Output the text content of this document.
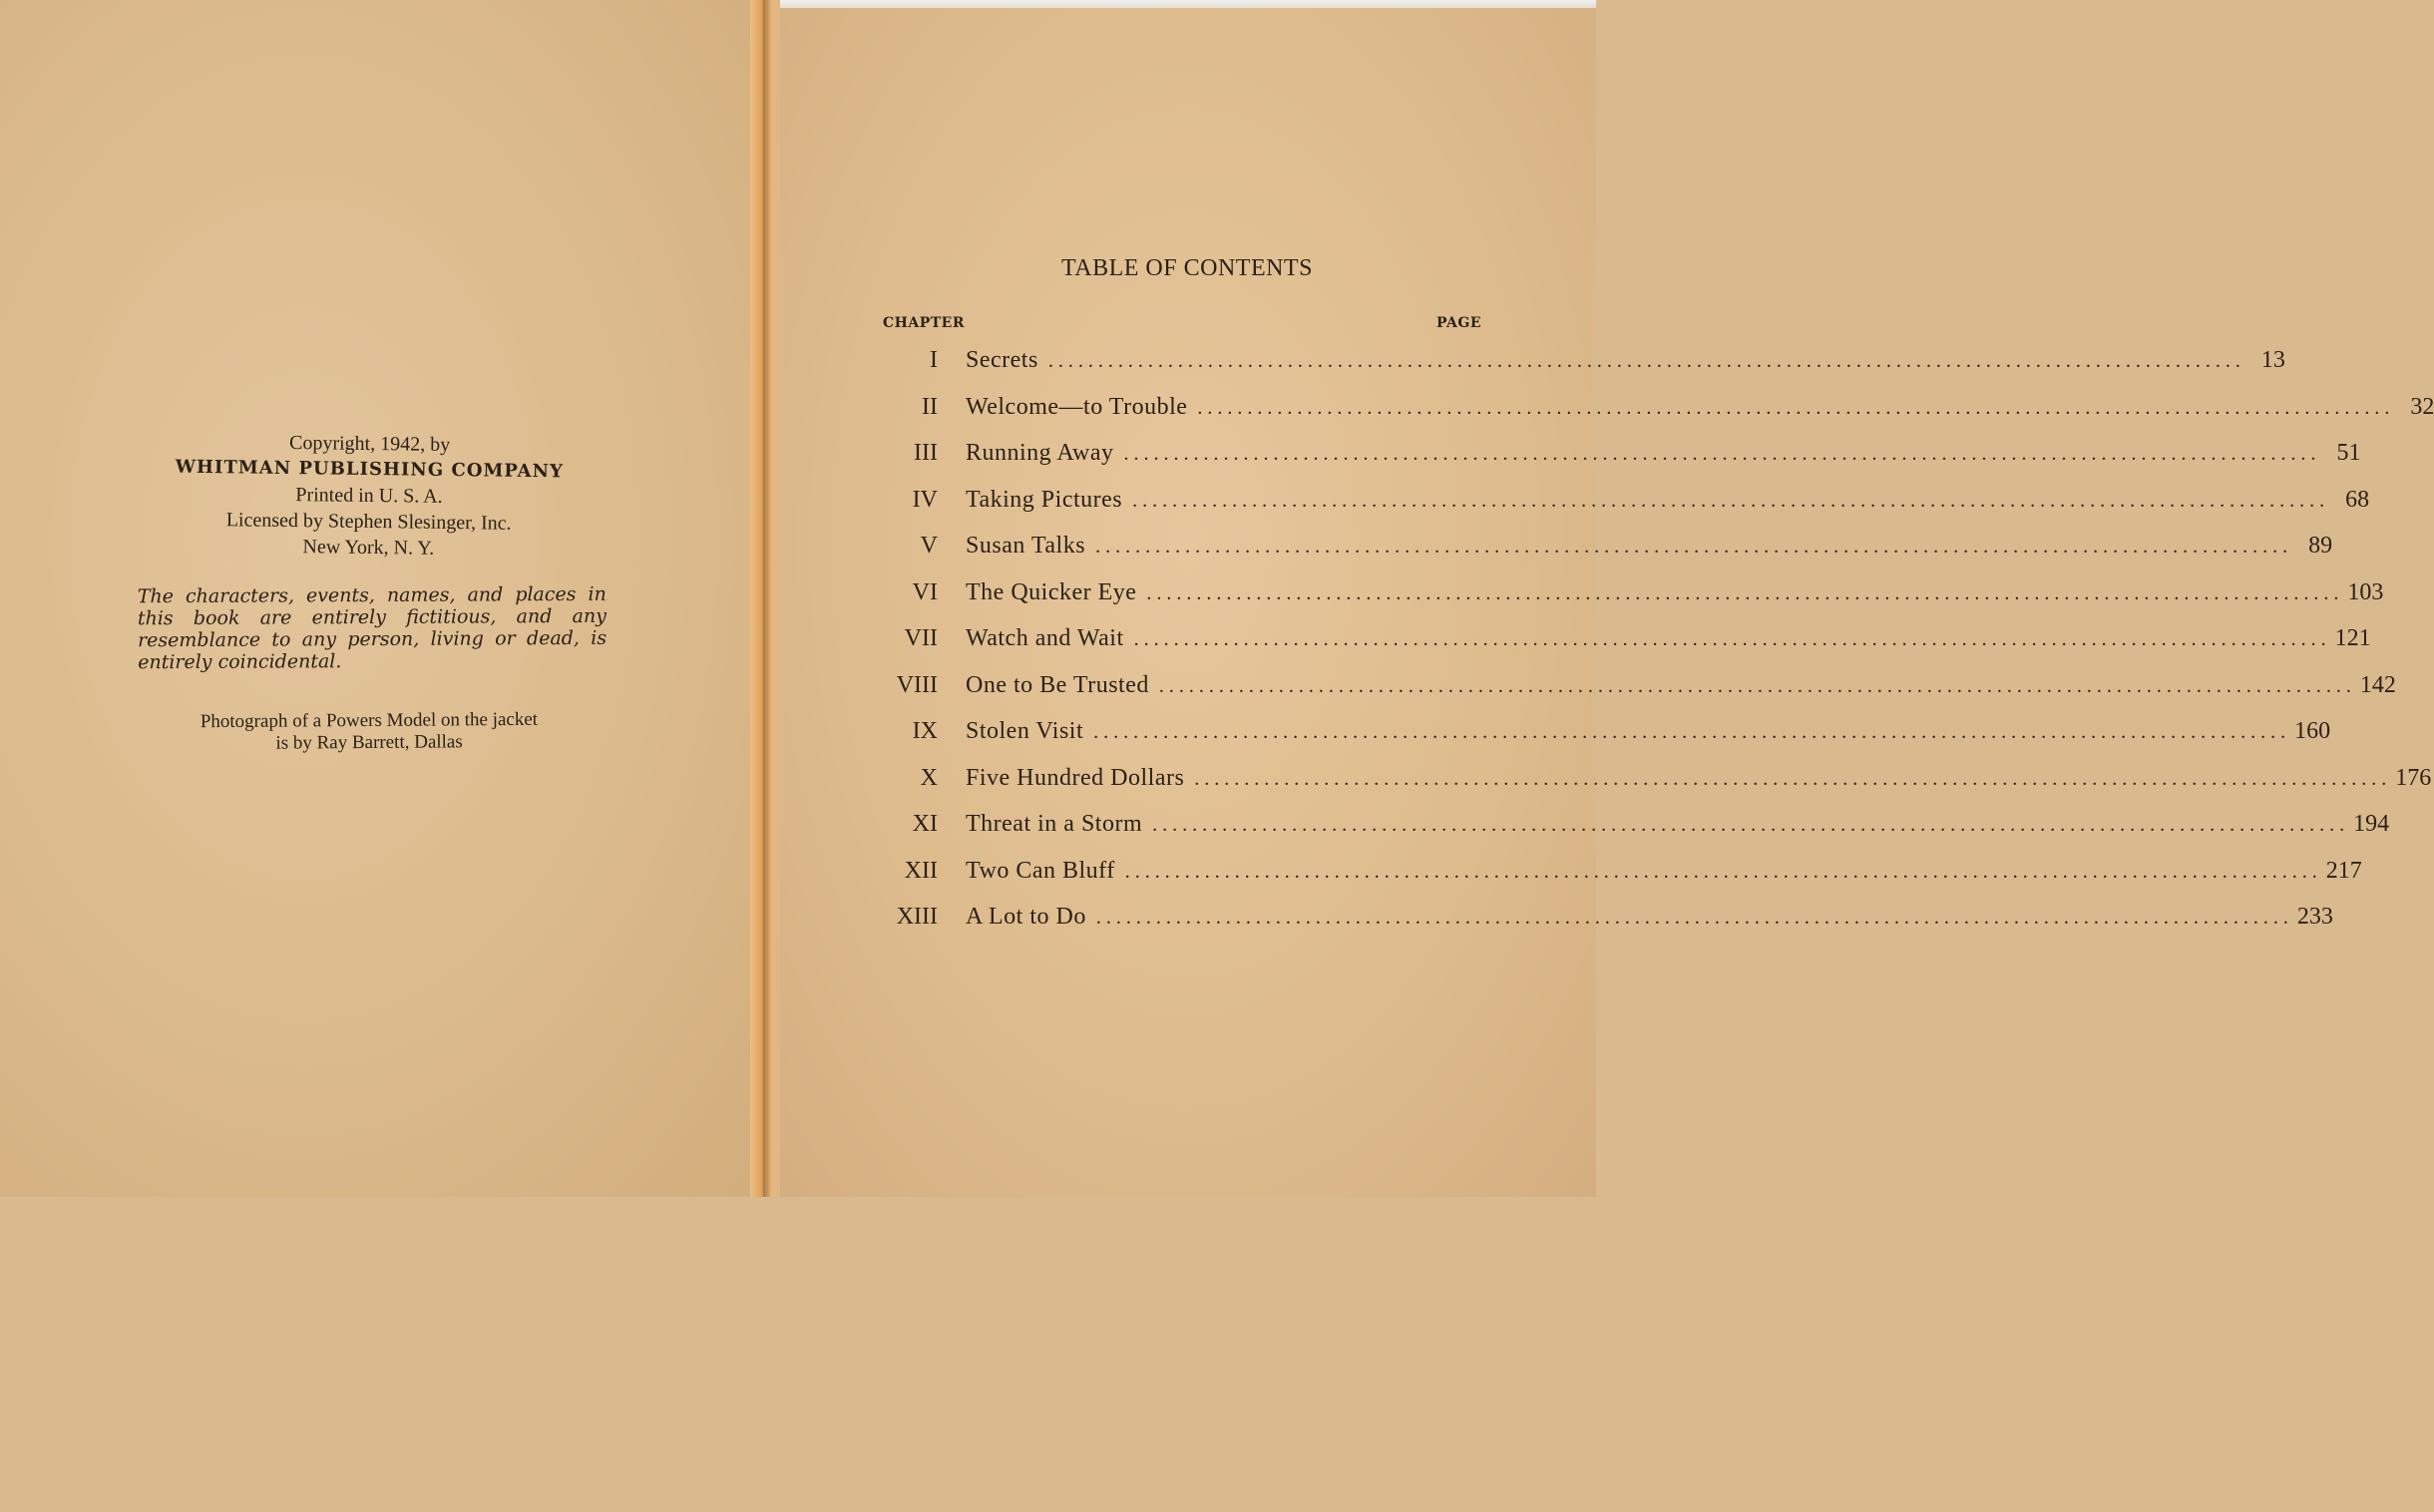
Copyright, 1942, by
WHITMAN PUBLISHING COMPANY
Printed in U. S. A.
Licensed by Stephen Slesinger, Inc.
New York, N. Y.
The characters, events, names, and places in this book are entirely fictitious, and any resemblance to any person, living or dead, is entirely coincidental.
Photograph of a Powers Model on the jacket
is by Ray Barrett, Dallas
TABLE OF CONTENTS
CHAPTER	PAGE
I	Secrets ........................................................................................................................ 13
II	Welcome—to Trouble ........................................................................................................................ 32
III	Running Away ........................................................................................................................ 51
IV	Taking Pictures ........................................................................................................................ 68
V	Susan Talks ........................................................................................................................ 89
VI	The Quicker Eye ........................................................................................................................ 103
VII	Watch and Wait ........................................................................................................................ 121
VIII	One to Be Trusted ........................................................................................................................ 142
IX	Stolen Visit ........................................................................................................................ 160
X	Five Hundred Dollars ........................................................................................................................ 176
XI	Threat in a Storm ........................................................................................................................ 194
XII	Two Can Bluff ........................................................................................................................ 217
XIII	A Lot to Do ........................................................................................................................ 233
